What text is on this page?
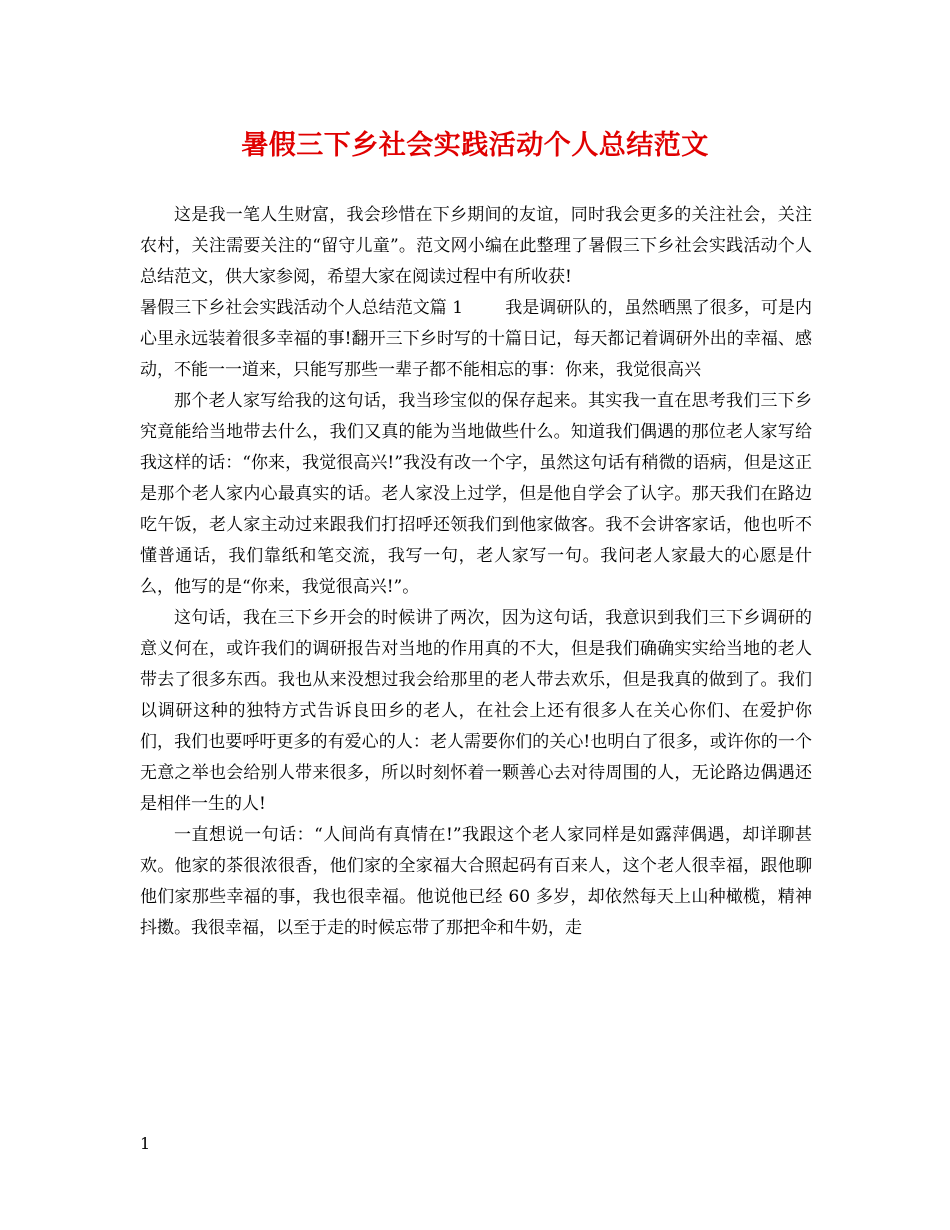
暑假三下乡社会实践活动个人总结范文

这是我一笔人生财富，我会珍惜在下乡期间的友谊，同时我会更多的关注社会，关注农村，关注需要关注的“留守儿童”。范文网小编在此整理了暑假三下乡社会实践活动个人总结范文，供大家参阅，希望大家在阅读过程中有所收获!

暑假三下乡社会实践活动个人总结范文篇 1 我是调研队的，虽然晒黑了很多，可是内心里永远装着很多幸福的事!翻开三下乡时写的十篇日记，每天都记着调研外出的幸福、感动，不能一一道来，只能写那些一辈子都不能相忘的事：你来，我觉很高兴

那个老人家写给我的这句话，我当珍宝似的保存起来。其实我一直在思考我们三下乡究竟能给当地带去什么，我们又真的能为当地做些什么。知道我们偶遇的那位老人家写给我这样的话：“你来，我觉很高兴!”我没有改一个字，虽然这句话有稍微的语病，但是这正是那个老人家内心最真实的话。老人家没上过学，但是他自学会了认字。那天我们在路边吃午饭，老人家主动过来跟我们打招呼还领我们到他家做客。我不会讲客家话，他也听不懂普通话，我们靠纸和笔交流，我写一句，老人家写一句。我问老人家最大的心愿是什么，他写的是“你来，我觉很高兴!”。

这句话，我在三下乡开会的时候讲了两次，因为这句话，我意识到我们三下乡调研的意义何在，或许我们的调研报告对当地的作用真的不大，但是我们确确实实给当地的老人带去了很多东西。我也从来没想过我会给那里的老人带去欢乐，但是我真的做到了。我们以调研这种的独特方式告诉良田乡的老人，在社会上还有很多人在关心你们、在爱护你们，我们也要呼吁更多的有爱心的人：老人需要你们的关心!也明白了很多，或许你的一个无意之举也会给别人带来很多，所以时刻怀着一颗善心去对待周围的人，无论路边偶遇还是相伴一生的人!

一直想说一句话：“人间尚有真情在!”我跟这个老人家同样是如露萍偶遇，却详聊甚欢。他家的茶很浓很香，他们家的全家福大合照起码有百来人，这个老人很幸福，跟他聊他们家那些幸福的事，我也很幸福。他说他已经 60 多岁，却依然每天上山种橄榄，精神抖擞。我很幸福，以至于走的时候忘带了那把伞和牛奶，走

1
